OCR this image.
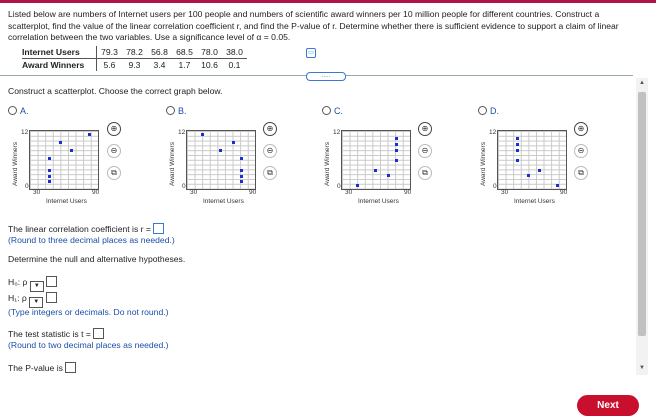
Listed below are numbers of Internet users per 100 people and numbers of scientific award winners per 10 million people for different countries. Construct a scatterplot, find the value of the linear correlation coefficient r, and find the P-value of r. Determine whether there is sufficient evidence to support a claim of linear correlation between the two variables. Use a significance level of α = 0.05.
Internet Users	79.3	78.2	56.8	68.5	78.0	38.0
Award Winners	5.6	9.3	3.4	1.7	10.6	0.1
▭
.....
▲
▼
Construct a scatterplot. Choose the correct graph below.
A.
12
0
30	90
Internet Users
Award Winners
⊕
⊖
⧉
B.
12
0
30	90
Internet Users
Award Winners
⊕
⊖
⧉
C.
12
0
30	90
Internet Users
Award Winners
⊕
⊖
⧉
D.
12
0
30	90
Internet Users
Award Winners
⊕
⊖
⧉
The linear correlation coefficient is r =
(Round to three decimal places as needed.)
Determine the null and alternative hypotheses.
H₀: ρ ▼
H₁: ρ ▼
(Type integers or decimals. Do not round.)
The test statistic is t =
(Round to two decimal places as needed.)
The P-value is
Next
